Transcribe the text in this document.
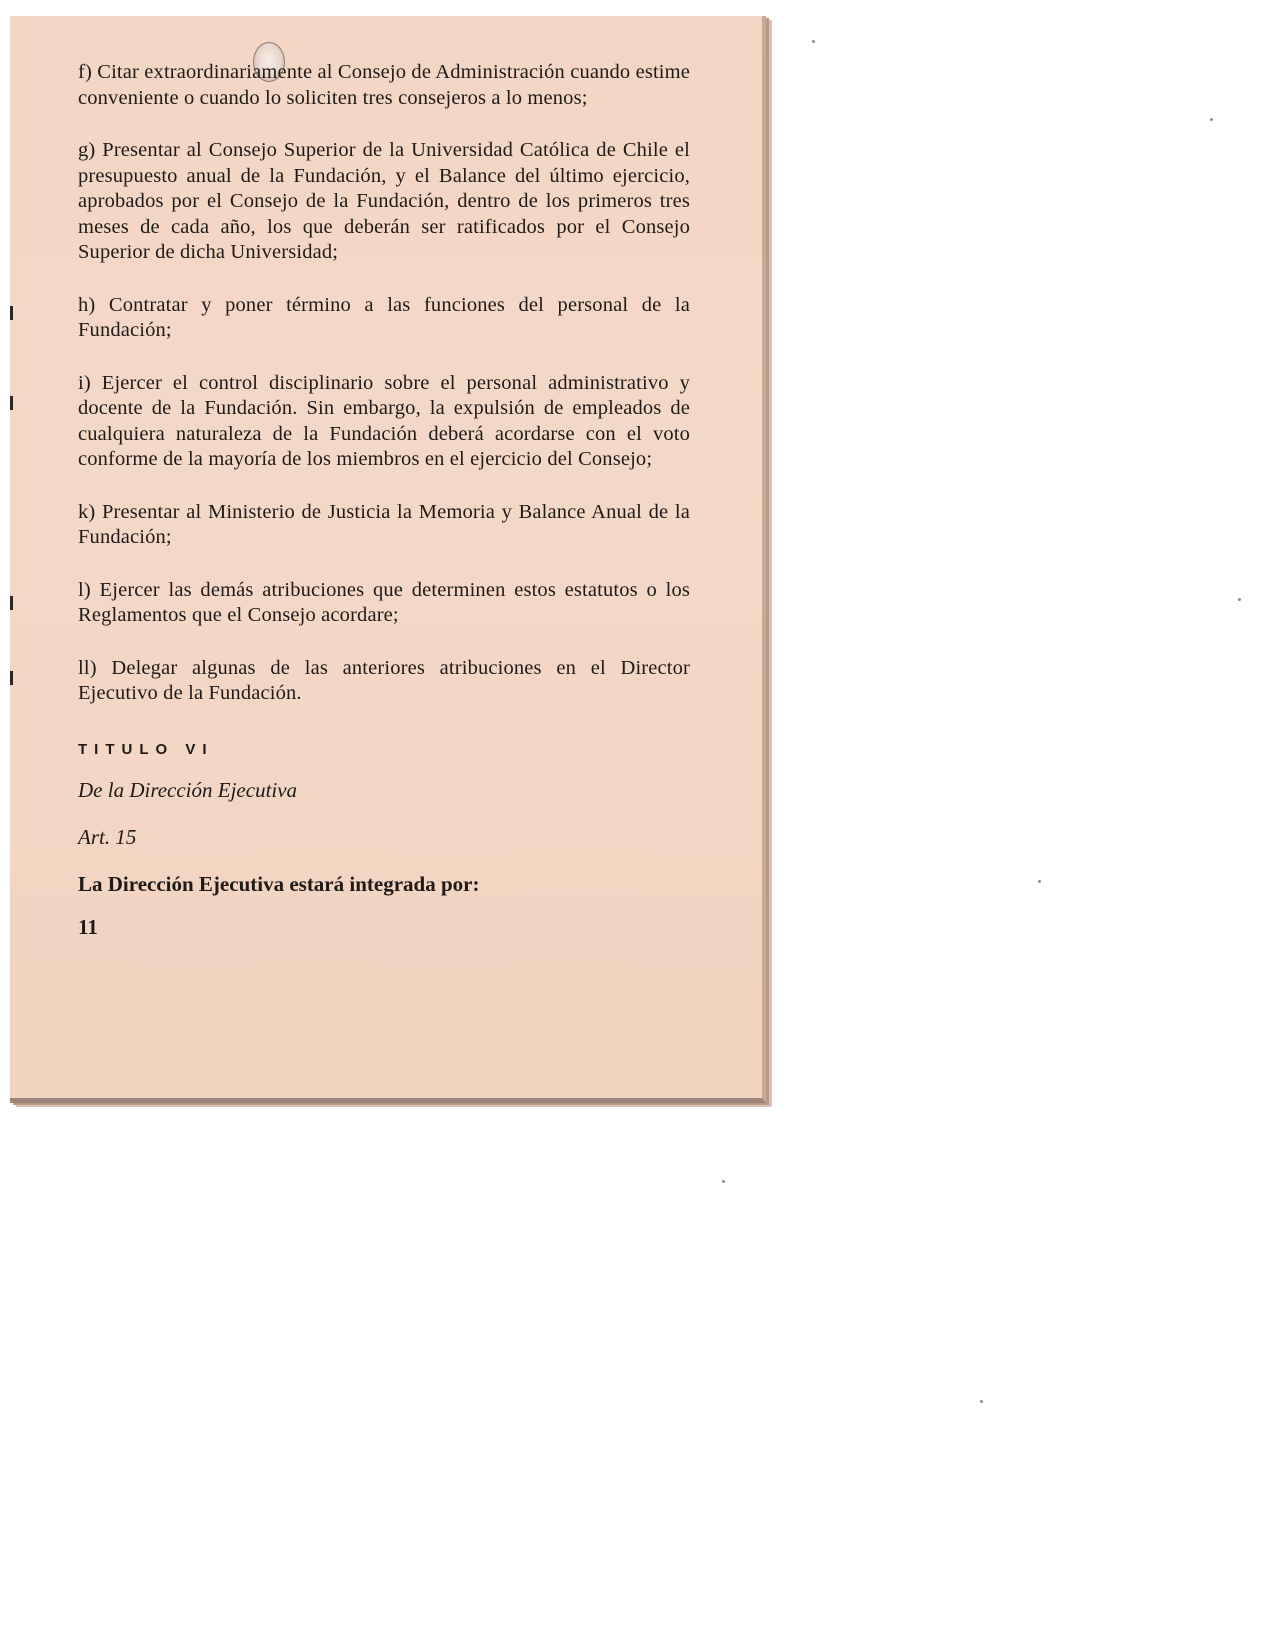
f) Citar extraordinariamente al Consejo de Administración cuando estime conveniente o cuando lo soliciten tres consejeros a lo menos;

g) Presentar al Consejo Superior de la Universidad Católica de Chile el presupuesto anual de la Fundación, y el Balance del último ejercicio, aprobados por el Consejo de la Fundación, dentro de los primeros tres meses de cada año, los que deberán ser ratificados por el Consejo Superior de dicha Universidad;

h) Contratar y poner término a las funciones del personal de la Fundación;

i) Ejercer el control disciplinario sobre el personal administrativo y docente de la Fundación. Sin embargo, la expulsión de empleados de cualquiera naturaleza de la Fundación deberá acordarse con el voto conforme de la mayoría de los miembros en el ejercicio del Consejo;

k) Presentar al Ministerio de Justicia la Memoria y Balance Anual de la Fundación;

l) Ejercer las demás atribuciones que determinen estos estatutos o los Reglamentos que el Consejo acordare;

ll) Delegar algunas de las anteriores atribuciones en el Director Ejecutivo de la Fundación.

TITULO VI
De la Dirección Ejecutiva
Art. 15
La Dirección Ejecutiva estará integrada por:
11
